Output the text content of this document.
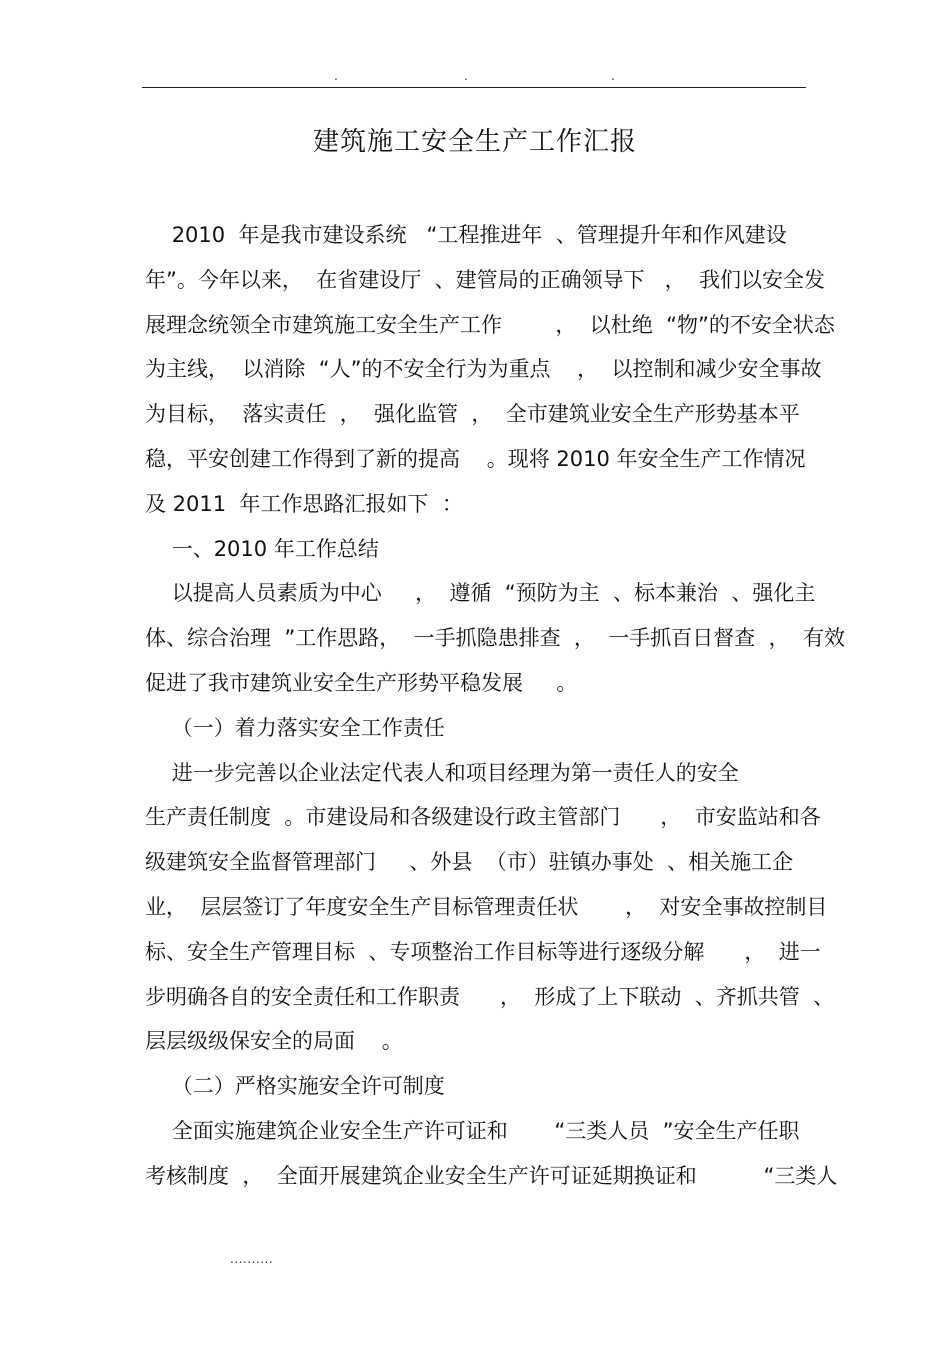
.	.	.
建筑施工安全生产工作汇报
2010  年是我市建设系统   “工程推进年  、管理提升年和作风建设
年”。今年以来，  在省建设厅  、建管局的正确领导下   ，  我们以安全发
展理念统领全市建筑施工安全生产工作        ，  以杜绝  “物”的不安全状态
为主线，  以消除  “人”的不安全行为为重点    ，  以控制和减少安全事故
为目标，  落实责任  ，  强化监管  ，  全市建筑业安全生产形势基本平
稳，平安创建工作得到了新的提高    。现将 2010 年安全生产工作情况
及 2011  年工作思路汇报如下  ：
一、2010 年工作总结
以提高人员素质为中心     ，  遵循  “预防为主  、标本兼治  、强化主
体、综合治理  ”工作思路，  一手抓隐患排查  ，  一手抓百日督查  ，  有效
促进了我市建筑业安全生产形势平稳发展     。
（一）着力落实安全工作责任
进一步完善以企业法定代表人和项目经理为第一责任人的安全
生产责任制度  。市建设局和各级建设行政主管部门      ，  市安监站和各
级建筑安全监督管理部门     、外县  （市）驻镇办事处  、相关施工企
业，  层层签订了年度安全生产目标管理责任状       ，  对安全事故控制目
标、安全生产管理目标  、专项整治工作目标等进行逐级分解      ，  进一
步明确各自的安全责任和工作职责      ，  形成了上下联动  、齐抓共管  、
层层级级保安全的局面    。
（二）严格实施安全许可制度
全面实施建筑企业安全生产许可证和       “三类人员  ”安全生产任职
考核制度  ，  全面开展建筑企业安全生产许可证延期换证和          “三类人
..........
